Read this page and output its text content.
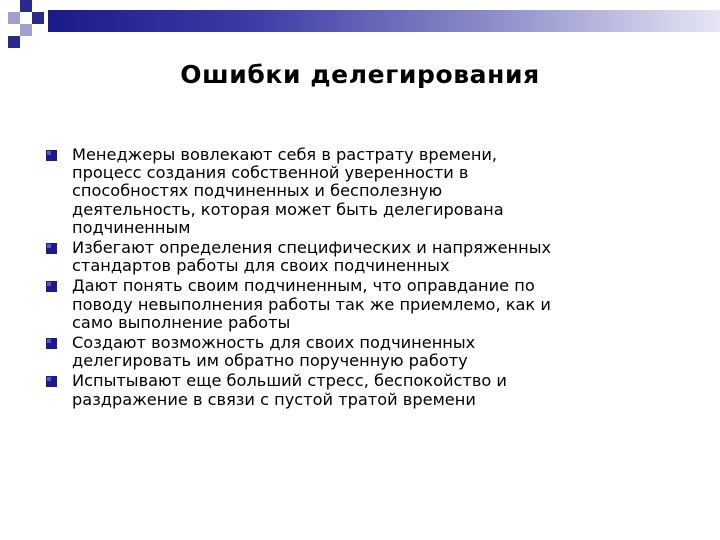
Ошибки делегирования
Менеджеры вовлекают себя в растрату времени,
процесс создания собственной уверенности в
способностях подчиненных и бесполезную
деятельность, которая может быть делегирована
подчиненным
Избегают определения специфических и напряженных
стандартов работы для своих подчиненных
Дают понять своим подчиненным, что оправдание по
поводу невыполнения работы так же приемлемо, как и
само выполнение работы
Создают возможность для своих подчиненных
делегировать им обратно порученную работу
Испытывают еще больший стресс, беспокойство и
раздражение в связи с пустой тратой времени
